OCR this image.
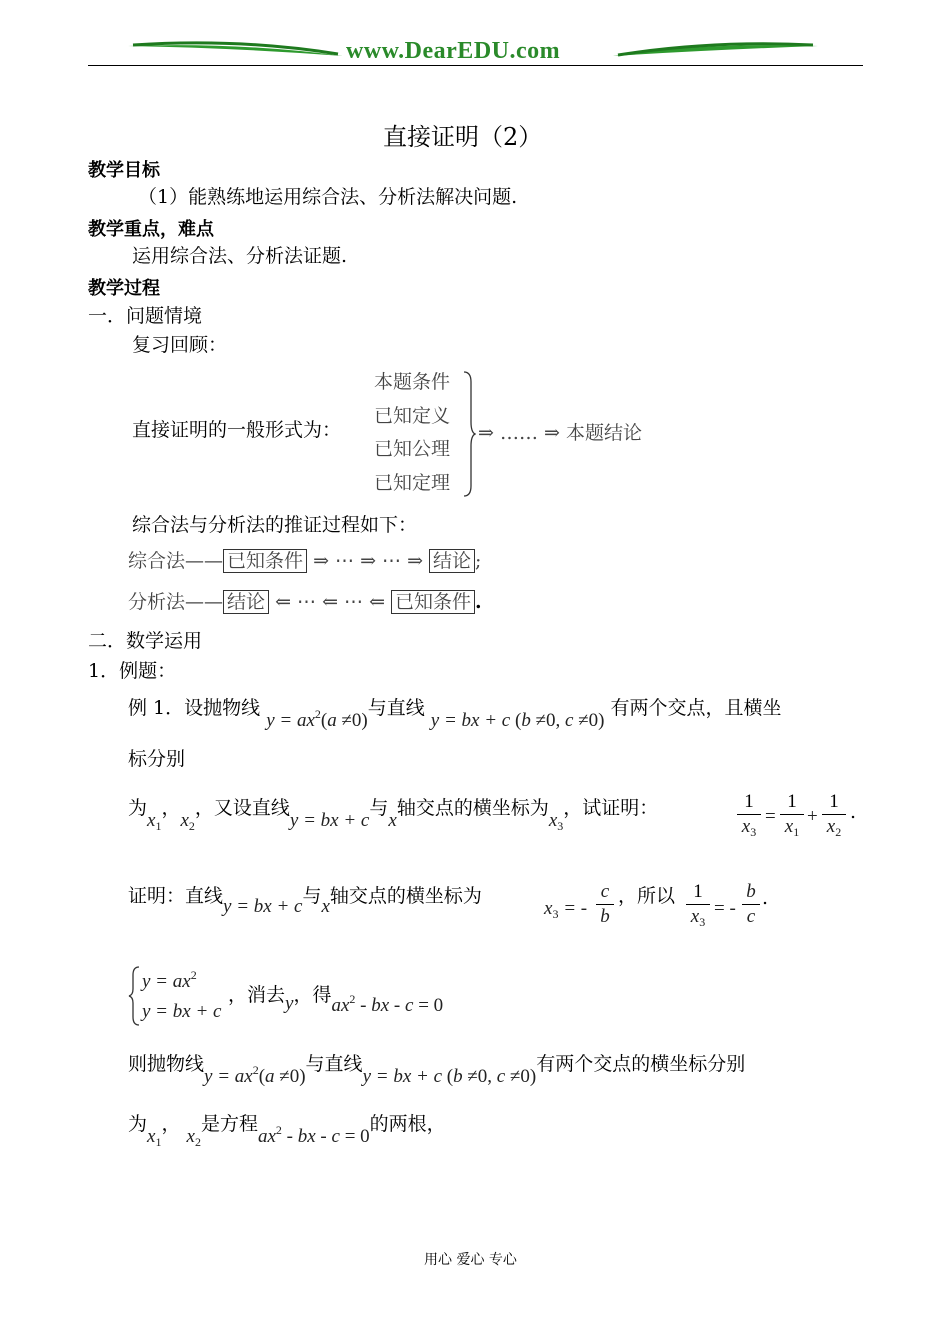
www.DearEDU.com
直接证明（2）
教学目标
（1）能熟练地运用综合法、分析法解决问题.
教学重点，难点
运用综合法、分析法证题.
教学过程
一．问题情境
复习回顾：
直接证明的一般形式为：
本题条件
已知定义
已知公理
已知定理
⇒ …… ⇒ 本题结论
综合法与分析法的推证过程如下：
综合法—— 已知条件 ⇒ ⋯ ⇒ ⋯ ⇒ 结论 ;
分析法—— 结论 ⇐ ⋯ ⇐ ⋯ ⇐ 已知条件 .
二．数学运用
1．例题：
例 1．设抛物线 $y = ax^2(a \ne 0)$与直线 y = bx + c (b ≠0, c ≠0) 有两个交点，且横坐
标分别
为$x_1$，$x_2$，又设直线y = bx + c与x轴交点的横坐标为$x_3$，试证明：	1
$x_3$
=
1
$x_1$
+
1
$x_2$
.
证明：直线y = bx + c与x轴交点的横坐标为
$x_3$ = -
c
b
，所以 1
$x_3$
= -
b
c
.
$y = ax^2$
y = bx + c
，消去y，得$ax^2$ - bx - c = 0
则抛物线$y = ax^2(a \ne 0)$与直线y = bx + c (b ≠0, c ≠0)有两个交点的横坐标分别
为$x_1$， $x_2$是方程$ax^2$ - bx - c = 0的两根，
用心 爱心 专心
